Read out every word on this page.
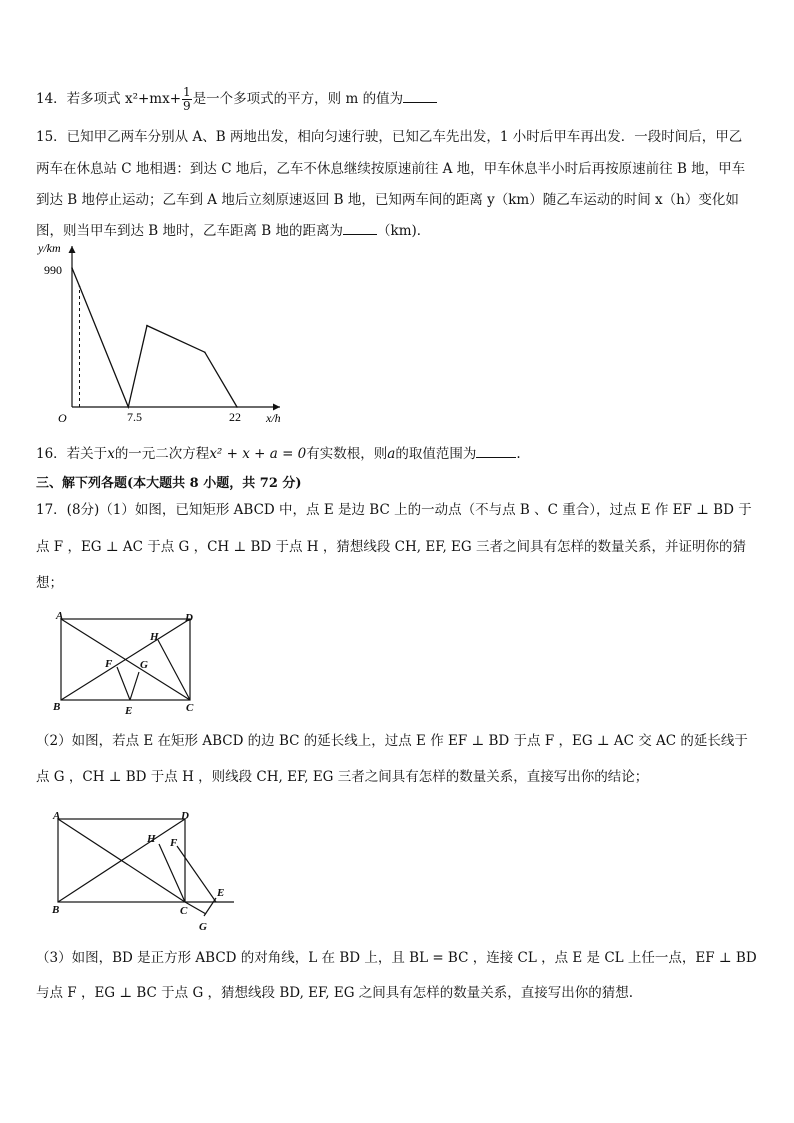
14．若多项式 $x^2+mx+ \frac{1}{9}$ 是一个多项式的平方，则 m 的值为
15．已知甲乙两车分别从 A、B 两地出发，相向匀速行驶，已知乙车先出发，1 小时后甲车再出发．一段时间后，甲乙
两车在休息站 C 地相遇：到达 C 地后，乙车不休息继续按原速前往 A 地，甲车休息半小时后再按原速前往 B 地，甲车
到达 B 地停止运动；乙车到 A 地后立刻原速返回 B 地，已知两车间的距离 y（km）随乙车运动的时间 x（h）变化如
图，则当甲车到达 B 地时，乙车距离 B 地的距离为	（km)．
y/km
x/h
O
990
7.5	22
16．若关于x的一元二次方程x² + x + a = 0有实数根，则a的取值范围为	.
三、解下列各题(本大题共 8 小题，共 72 分)
17．(8分)（1）如图，已知矩形 ABCD 中，点 E 是边 BC 上的一动点（不与点 B 、C 重合），过点 E 作 EF ⊥ BD 于
点 F ，EG ⊥ AC 于点 G ，CH ⊥ BD 于点 H ，猜想线段 CH, EF, EG 三者之间具有怎样的数量关系，并证明你的猜
想；
A	D
H
F	G
B	E	C
（2）如图，若点 E 在矩形 ABCD 的边 BC 的延长线上，过点 E 作 EF ⊥ BD 于点 F ，EG ⊥ AC 交 AC 的延长线于
点 G ，CH ⊥ BD 于点 H ，则线段 CH, EF, EG 三者之间具有怎样的数量关系，直接写出你的结论；
A	D
H F
E
B	C
G
（3）如图，BD 是正方形 ABCD 的对角线，L 在 BD 上，且 BL = BC ，连接 CL ，点 E 是 CL 上任一点，EF ⊥ BD
与点 F ，EG ⊥ BC 于点 G ，猜想线段 BD, EF, EG 之间具有怎样的数量关系，直接写出你的猜想.
